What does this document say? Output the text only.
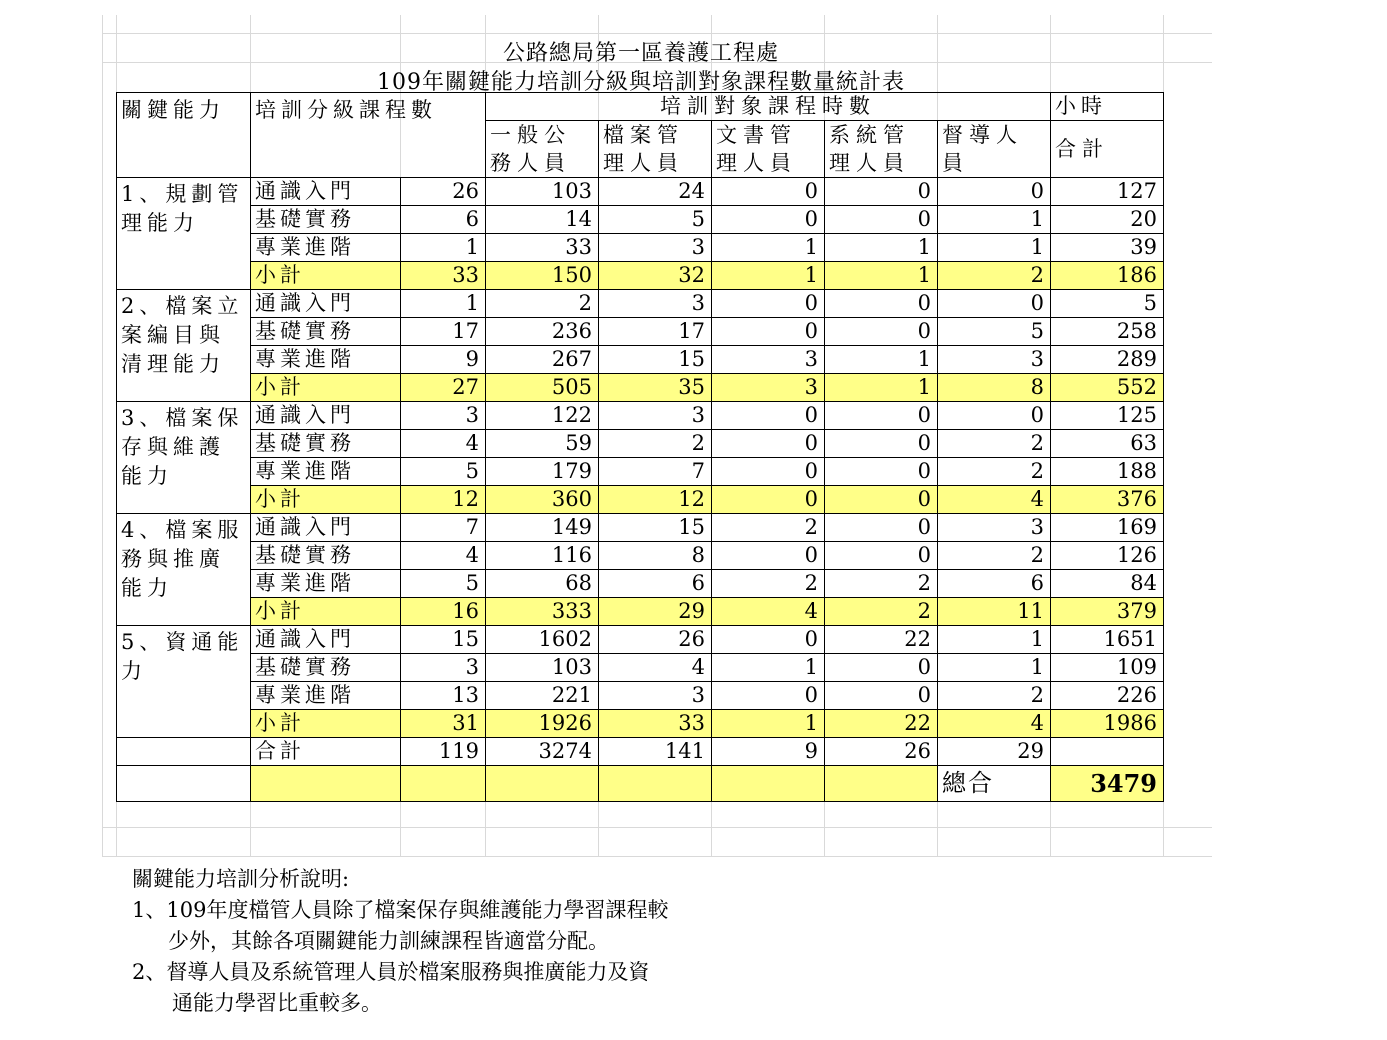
公路總局第一區養護工程處
109年關鍵能力培訓分級與培訓對象課程數量統計表
關鍵能力	培訓分級課程數		培訓對象課程時數					小時
			一般公務人員	檔案管理人員	文書管理人員	系統管理人員	督導人員	合計

1、規劃管理能力	通識入門	26	103	24	0	0	0	127
	基礎實務	6	14	5	0	0	1	20
	專業進階	1	33	3	1	1	1	39
	小計	33	150	32	1	1	2	186
2、檔案立案編目與清理能力	通識入門	1	2	3	0	0	0	5
	基礎實務	17	236	17	0	0	5	258
	專業進階	9	267	15	3	1	3	289
	小計	27	505	35	3	1	8	552
3、檔案保存與維護能力	通識入門	3	122	3	0	0	0	125
	基礎實務	4	59	2	0	0	2	63
	專業進階	5	179	7	0	0	2	188
	小計	12	360	12	0	0	4	376
4、檔案服務與推廣能力	通識入門	7	149	15	2	0	3	169
	基礎實務	4	116	8	0	0	2	126
	專業進階	5	68	6	2	2	6	84
	小計	16	333	29	4	2	11	379
5、資通能力	通識入門	15	1602	26	0	22	1	1651
	基礎實務	3	103	4	1	0	1	109
	專業進階	13	221	3	0	0	2	226
	小計	31	1926	33	1	22	4	1986
	合計	119	3274	141	9	26	29	
							總合	3479
關鍵能力培訓分析說明:
1、109年度檔管人員除了檔案保存與維護能力學習課程較
少外，其餘各項關鍵能力訓練課程皆適當分配。
2、督導人員及系統管理人員於檔案服務與推廣能力及資
通能力學習比重較多。
